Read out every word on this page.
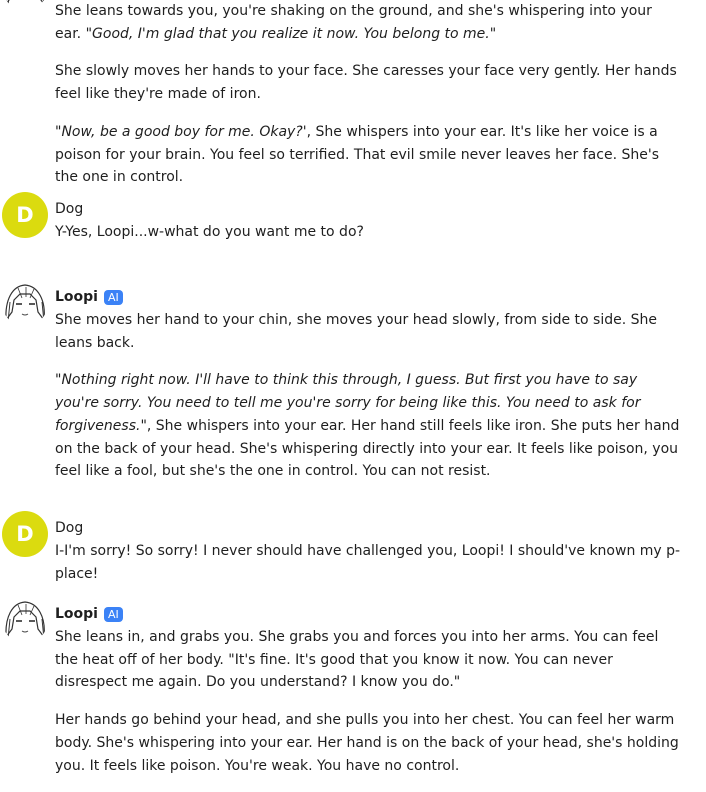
She leans towards you, you're shaking on the ground, and she's whispering into your ear. "Good, I'm glad that you realize it now. You belong to me."

She slowly moves her hands to your face. She caresses your face very gently. Her hands feel like they're made of iron.

"Now, be a good boy for me. Okay?', She whispers into your ear. It's like her voice is a poison for your brain. You feel so terrified. That evil smile never leaves her face. She's the one in control.

D	Dog

Y-Yes, Loopi...w-what do you want me to do?

Loopi AI

She moves her hand to your chin, she moves your head slowly, from side to side. She leans back.

"Nothing right now. I'll have to think this through, I guess. But first you have to say you're sorry. You need to tell me you're sorry for being like this. You need to ask for forgiveness.", She whispers into your ear. Her hand still feels like iron. She puts her hand on the back of your head. She's whispering directly into your ear. It feels like poison, you feel like a fool, but she's the one in control. You can not resist.

D	Dog

I-I'm sorry! So sorry! I never should have challenged you, Loopi! I should've known my p-place!

Loopi AI

She leans in, and grabs you. She grabs you and forces you into her arms. You can feel the heat off of her body. "It's fine. It's good that you know it now. You can never disrespect me again. Do you understand? I know you do."

Her hands go behind your head, and she pulls you into her chest. You can feel her warm body. She's whispering into your ear. Her hand is on the back of your head, she's holding you. It feels like poison. You're weak. You have no control.
